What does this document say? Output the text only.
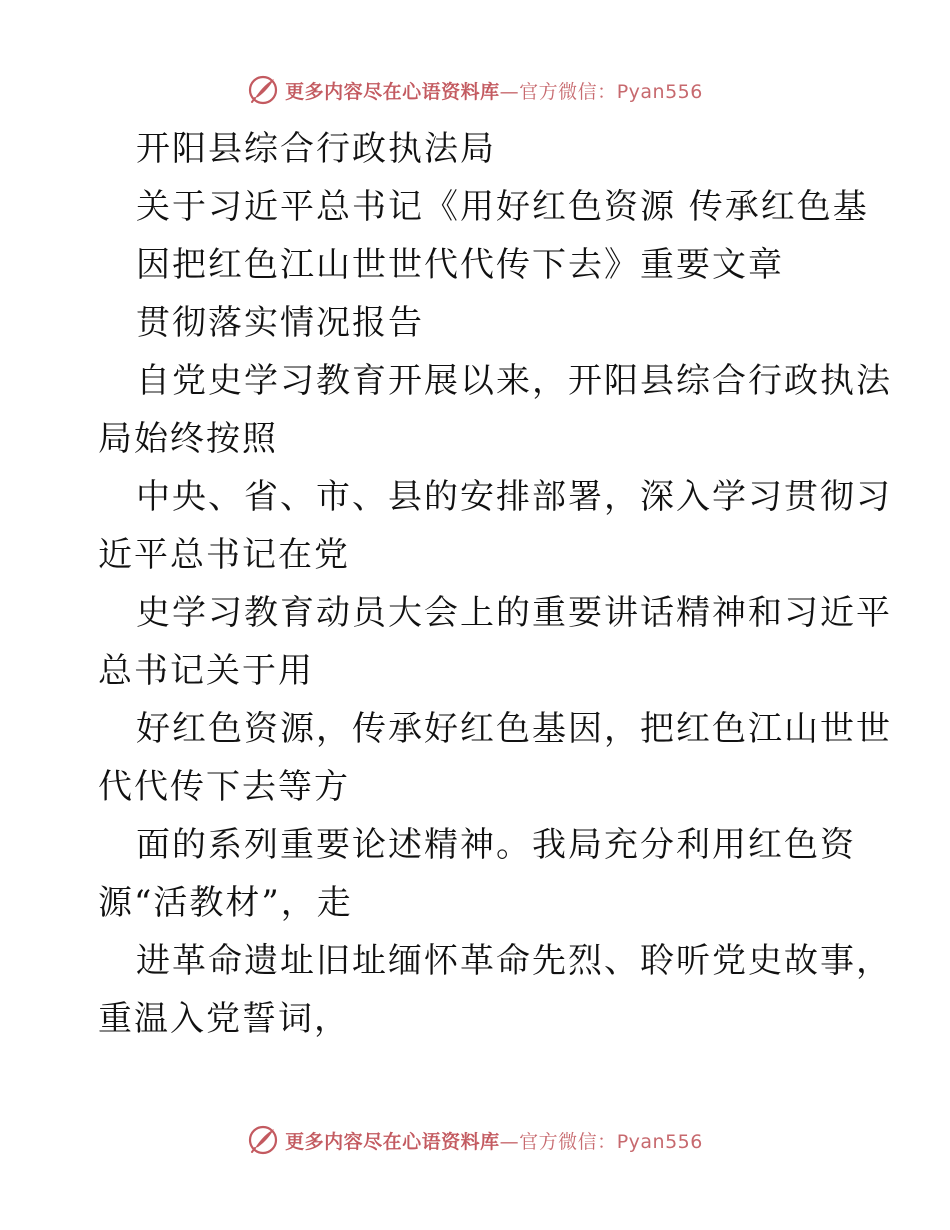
更多内容尽在心语资料库—官方微信：Pyan556
开阳县综合行政执法局
关于习近平总书记《用好红色资源 传承红色基
因把红色江山世世代代传下去》重要文章
贯彻落实情况报告
自党史学习教育开展以来，开阳县综合行政执法
局始终按照
中央、省、市、县的安排部署，深入学习贯彻习
近平总书记在党
史学习教育动员大会上的重要讲话精神和习近平
总书记关于用
好红色资源，传承好红色基因，把红色江山世世
代代传下去等方
面的系列重要论述精神。我局充分利用红色资
源“活教材”，走
进革命遗址旧址缅怀革命先烈、聆听党史故事，
重温入党誓词，
更多内容尽在心语资料库—官方微信：Pyan556
